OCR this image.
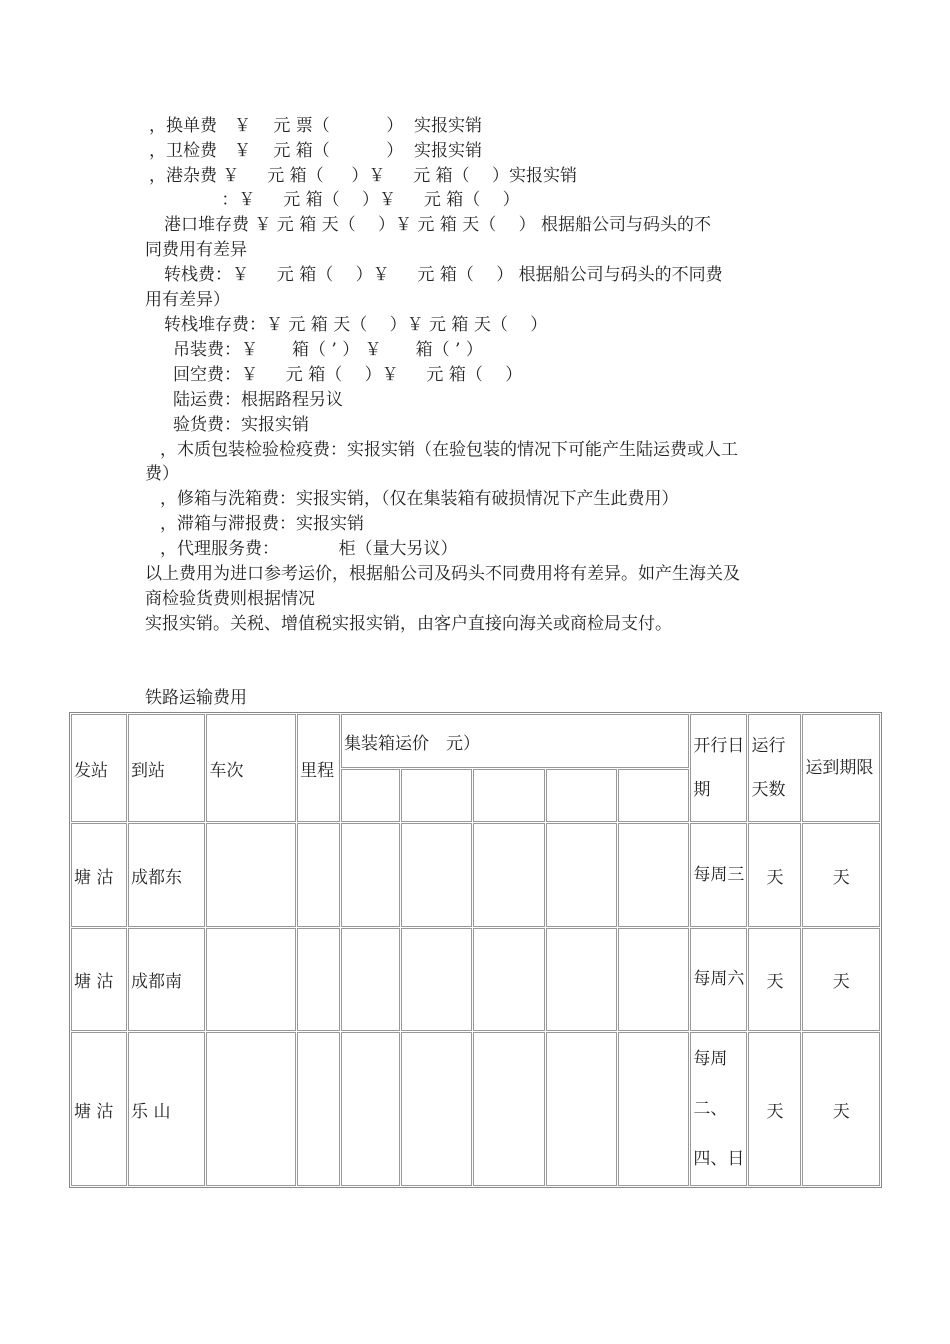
，换单费　￥　 元 票（　　　 ）  实报实销
，卫检费　￥　 元 箱（　　　 ）  实报实销
，港杂费 ￥　  元 箱（　  ）￥　  元 箱（　 ）实报实销
　 ：￥　  元 箱（　 ）￥　  元 箱（　 ）
港口堆存费 ￥ 元 箱 天（　 ）￥ 元 箱 天（　 ） 根据船公司与码头的不
同费用有差异
转栈费：￥　  元 箱（　 ）￥　  元 箱（　 ） 根据船公司与码头的不同费
用有差异）
转栈堆存费：￥ 元 箱 天（　 ）￥ 元 箱 天（　 ）
吊装费：￥　　箱（ ’ ） ￥　　箱（ ’ ）
回空费：￥　  元 箱（　 ）￥　  元 箱（　 ）
陆运费：根据路程另议
验货费：实报实销
，木质包装检验检疫费：实报实销（在验包装的情况下可能产生陆运费或人工
费）
，修箱与洗箱费：实报实销，（仅在集装箱有破损情况下产生此费用）
，滞箱与滞报费：实报实销
，代理服务费：　　　　柜（量大另议）
以上费用为进口参考运价，根据船公司及码头不同费用将有差异。如产生海关及
商检验货费则根据情况
实报实销。关税、增值税实报实销，由客户直接向海关或商检局支付。
铁路运输费用
发站	到站	车次	里程	集装箱运价　元）					开行日期	运行天数	运到期限

塘 沽	成都东								每周三	天	天
塘 沽	成都南								每周六	天	天
塘 沽	乐 山								每周二、四、日	天	天
